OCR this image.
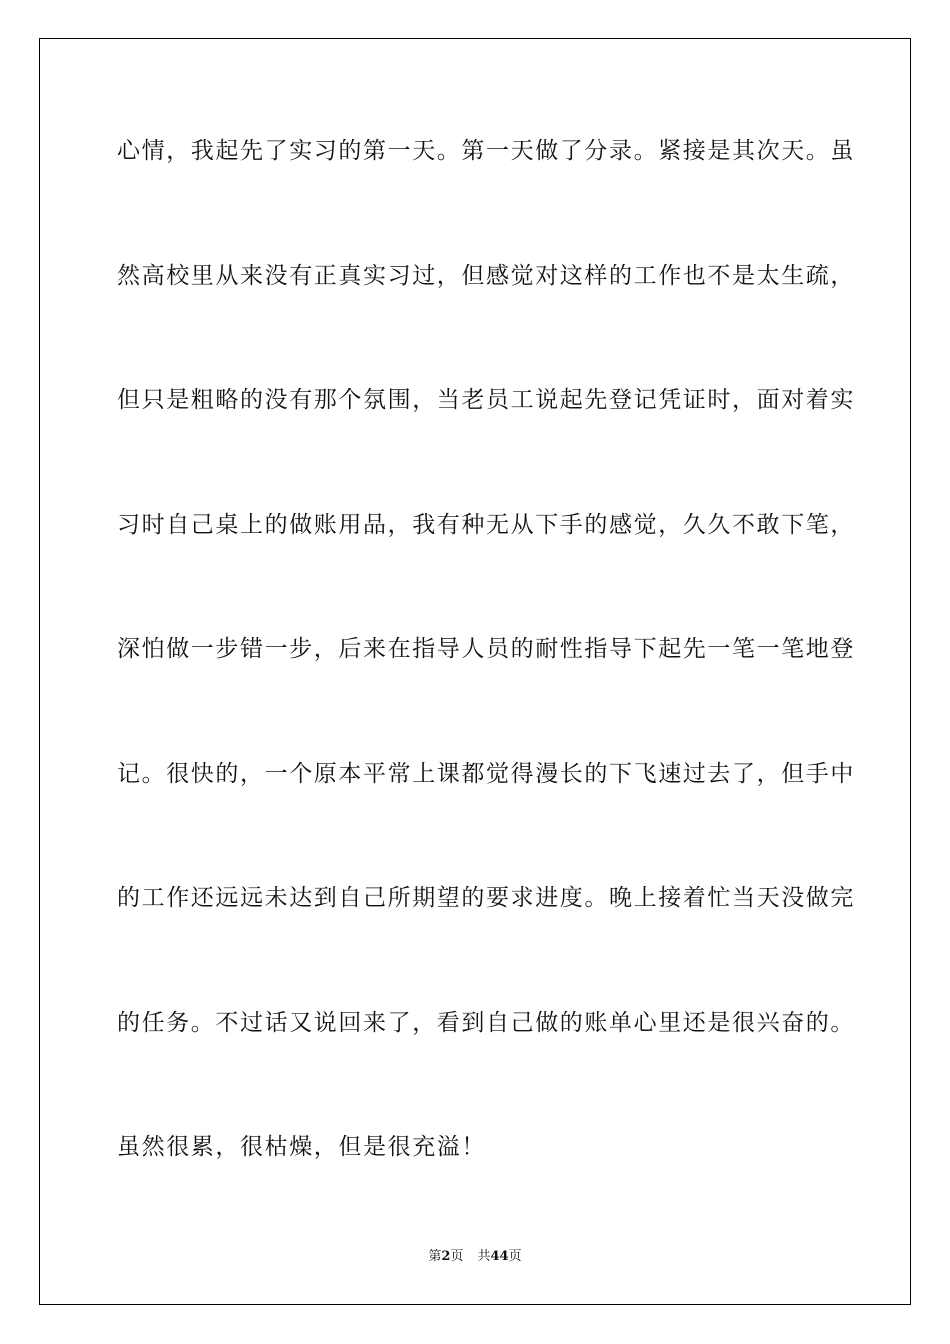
心情，我起先了实习的第一天。第一天做了分录。紧接是其次天。虽
然高校里从来没有正真实习过，但感觉对这样的工作也不是太生疏，
但只是粗略的没有那个氛围，当老员工说起先登记凭证时，面对着实
习时自己桌上的做账用品，我有种无从下手的感觉，久久不敢下笔，
深怕做一步错一步，后来在指导人员的耐性指导下起先一笔一笔地登
记。很快的，一个原本平常上课都觉得漫长的下飞速过去了，但手中
的工作还远远未达到自己所期望的要求进度。晚上接着忙当天没做完
的任务。不过话又说回来了，看到自己做的账单心里还是很兴奋的。
虽然很累，很枯燥，但是很充溢！
第2页 共44页
